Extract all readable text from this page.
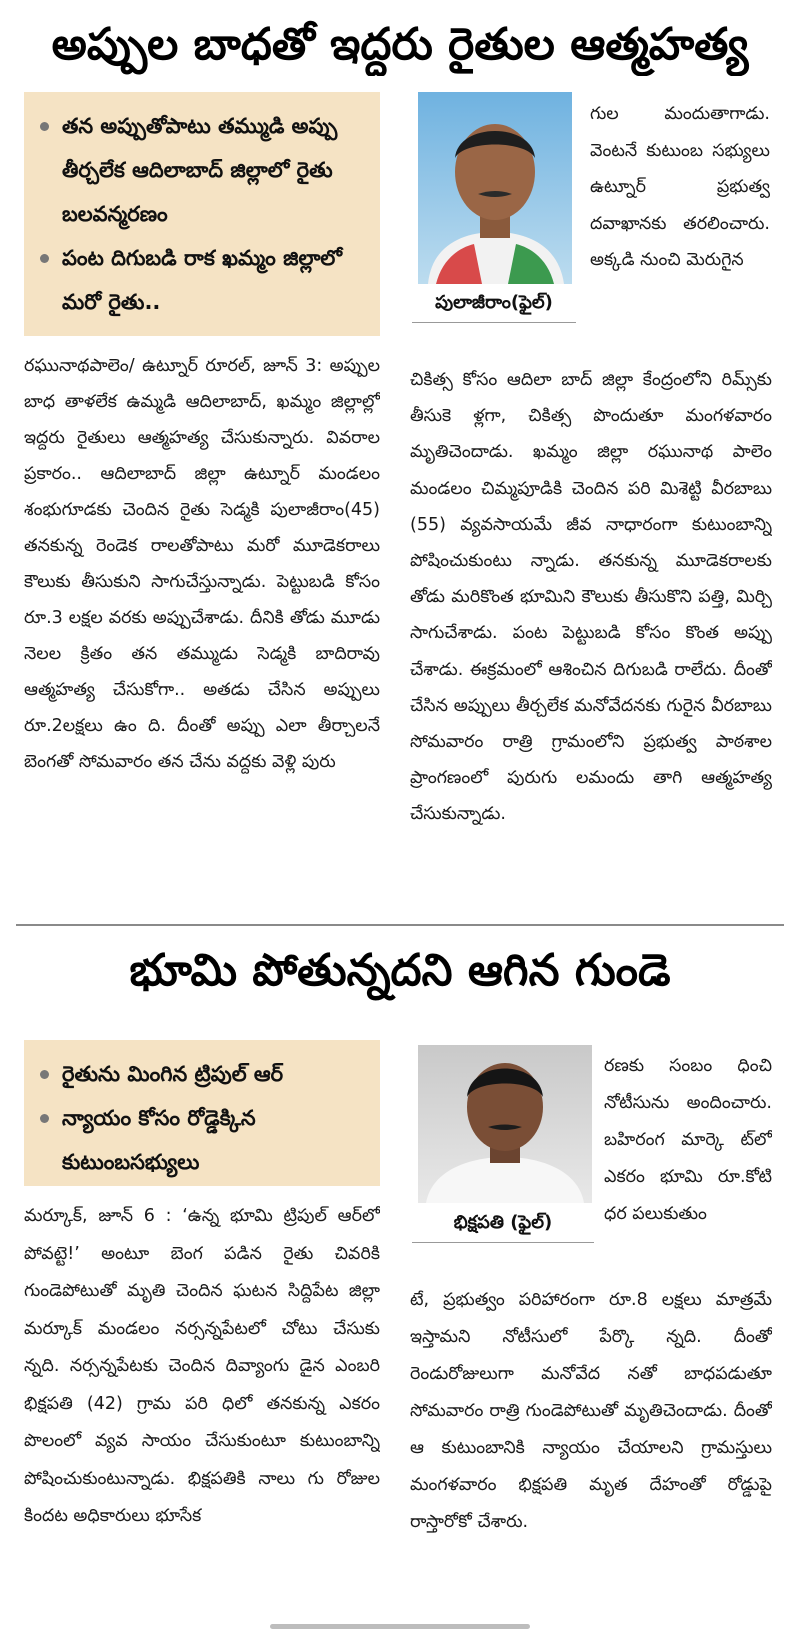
అప్పుల బాధతో ఇద్దరు రైతుల ఆత్మహత్య
తన అప్పుతోపాటు తమ్ముడి అప్పు తీర్చలేక ఆదిలాబాద్ జిల్లాలో రైతు బలవన్మరణం
పంట దిగుబడి రాక ఖమ్మం జిల్లాలో మరో రైతు..	పులాజీరాం(ఫైల్)

రఘునాథపాలెం/ ఉట్నూర్ రూరల్, జూన్ 3: అప్పుల బాధ తాళలేక ఉమ్మడి ఆదిలాబాద్, ఖమ్మం జిల్లాల్లో ఇద్దరు రైతులు ఆత్మహత్య చేసుకున్నారు. వివరాల ప్రకారం.. ఆదిలాబాద్ జిల్లా ఉట్నూర్ మండలం శంభుగూడకు చెందిన రైతు సెడ్మకి పులాజీరాం(45) తనకున్న రెండెక రాలతోపాటు మరో మూడెకరాలు కౌలుకు తీసుకుని సాగుచేస్తున్నాడు. పెట్టుబడి కోసం రూ.3 లక్షల వరకు అప్పుచేశాడు. దీనికి తోడు మూడు నెలల క్రితం తన తమ్ముడు సెడ్మకి బాదిరావు ఆత్మహత్య చేసుకోగా.. అతడు చేసిన అప్పులు రూ.2లక్షలు ఉం ది. దీంతో అప్పు ఎలా తీర్చాలనే బెంగతో సోమవారం తన చేను వద్దకు వెళ్లి పురు

గుల మందుతాగాడు. వెంటనే కుటుంబ సభ్యులు ఉట్నూర్ ప్రభుత్వ దవాఖానకు తరలించారు. అక్కడి నుంచి మెరుగైన

చికిత్స కోసం ఆదిలా బాద్ జిల్లా కేంద్రంలోని రిమ్స్‌కు తీసుకె ళ్లగా, చికిత్స పొందుతూ మంగళవారం మృతిచెందాడు. ఖమ్మం జిల్లా రఘునాథ పాలెం మండలం చిమ్మపూడికి చెందిన పరి మిశెట్టి వీరబాబు (55) వ్యవసాయమే జీవ నాధారంగా కుటుంబాన్ని పోషించుకుంటు న్నాడు. తనకున్న మూడెకరాలకు తోడు మరికొంత భూమిని కౌలుకు తీసుకొని పత్తి, మిర్చి సాగుచేశాడు. పంట పెట్టుబడి కోసం కొంత అప్పు చేశాడు. ఈక్రమంలో ఆశించిన దిగుబడి రాలేదు. దీంతో చేసిన అప్పులు తీర్చలేక మనోవేదనకు గురైన వీరబాబు సోమవారం రాత్రి గ్రామంలోని ప్రభుత్వ పాఠశాల ప్రాంగణంలో పురుగు లమందు తాగి ఆత్మహత్య చేసుకున్నాడు.

భూమి పోతున్నదని ఆగిన గుండె
రైతును మింగిన ట్రిపుల్ ఆర్
న్యాయం కోసం రోడ్డెక్కిన కుటుంబసభ్యులు
భిక్షపతి (ఫైల్)

మర్కూక్, జూన్ 6 : ‘ఉన్న భూమి ట్రిపుల్ ఆర్‌లో పోవట్టె!’ అంటూ బెంగ పడిన రైతు చివరికి గుండెపోటుతో మృతి చెందిన ఘటన సిద్దిపేట జిల్లా మర్కూక్ మండలం నర్సన్నపేటలో చోటు చేసుకు న్నది. నర్సన్నపేటకు చెందిన దివ్యాంగు డైన ఎంబరి భిక్షపతి (42) గ్రామ పరి ధిలో తనకున్న ఎకరం పొలంలో వ్యవ సాయం చేసుకుంటూ కుటుంబాన్ని పోషించుకుంటున్నాడు. భిక్షపతికి నాలు గు రోజుల కిందట అధికారులు భూసేక

రణకు సంబం ధించి నోటీసును అందించారు. బహిరంగ మార్కె ట్‌లో ఎకరం భూమి రూ.కోటి ధర పలుకుతుం

టే, ప్రభుత్వం పరిహారంగా రూ.8 లక్షలు మాత్రమే ఇస్తామని నోటీసులో పేర్కొ న్నది. దీంతో రెండురోజులుగా మనోవేద నతో బాధపడుతూ సోమవారం రాత్రి గుండెపోటుతో మృతిచెందాడు. దీంతో ఆ కుటుంబానికి న్యాయం చేయాలని గ్రామస్తులు మంగళవారం భిక్షపతి మృత దేహంతో రోడ్డుపై రాస్తారోకో చేశారు.
